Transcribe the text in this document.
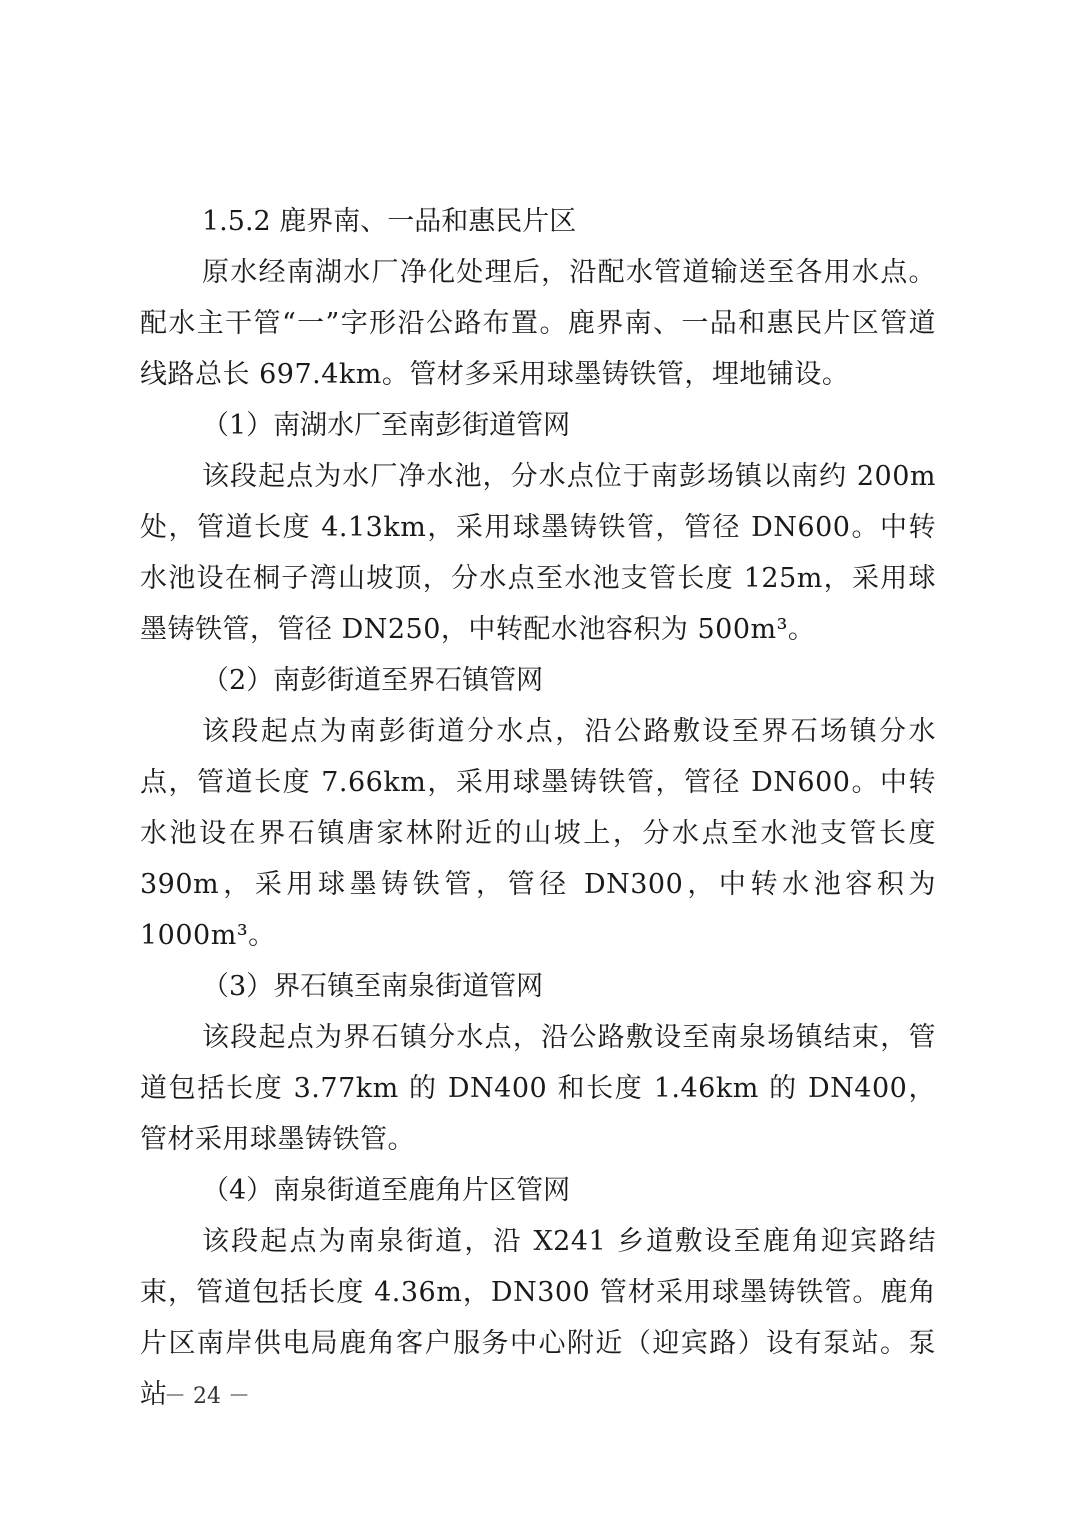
1.5.2 鹿界南、一品和惠民片区

原水经南湖水厂净化处理后，沿配水管道输送至各用水点。配水主干管“一”字形沿公路布置。鹿界南、一品和惠民片区管道线路总长 697.4km。管材多采用球墨铸铁管，埋地铺设。

（1）南湖水厂至南彭街道管网

该段起点为水厂净水池，分水点位于南彭场镇以南约 200m 处，管道长度 4.13km，采用球墨铸铁管，管径 DN600。中转水池设在桐子湾山坡顶，分水点至水池支管长度 125m，采用球墨铸铁管，管径 DN250，中转配水池容积为 500m³。

（2）南彭街道至界石镇管网

该段起点为南彭街道分水点，沿公路敷设至界石场镇分水点，管道长度 7.66km，采用球墨铸铁管，管径 DN600。中转水池设在界石镇唐家林附近的山坡上，分水点至水池支管长度 390m，采用球墨铸铁管，管径 DN300，中转水池容积为 1000m³。

（3）界石镇至南泉街道管网

该段起点为界石镇分水点，沿公路敷设至南泉场镇结束，管道包括长度 3.77km 的 DN400 和长度 1.46km 的 DN400，管材采用球墨铸铁管。

（4）南泉街道至鹿角片区管网

该段起点为南泉街道，沿 X241 乡道敷设至鹿角迎宾路结束，管道包括长度 4.36m，DN300 管材采用球墨铸铁管。鹿角片区南岸供电局鹿角客户服务中心附近（迎宾路）设有泵站。泵站

－ 24 －
